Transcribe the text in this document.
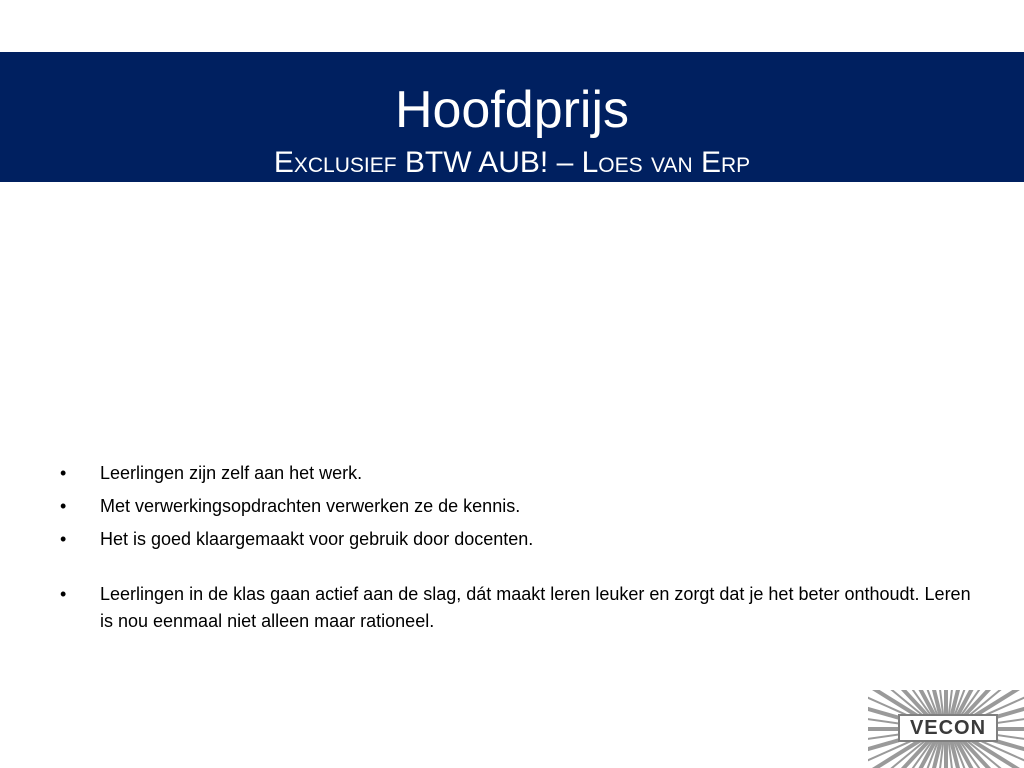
Hoofdprijs
Exclusief BTW AUB! – Loes van Erp
•	Leerlingen zijn zelf aan het werk.
•	Met verwerkingsopdrachten verwerken ze de kennis.
•	Het is goed klaargemaakt voor gebruik door docenten.
•	Leerlingen in de klas gaan actief aan de slag, dát maakt leren leuker en zorgt dat je het beter onthoudt. Leren is nou eenmaal niet alleen maar rationeel.
VECON
